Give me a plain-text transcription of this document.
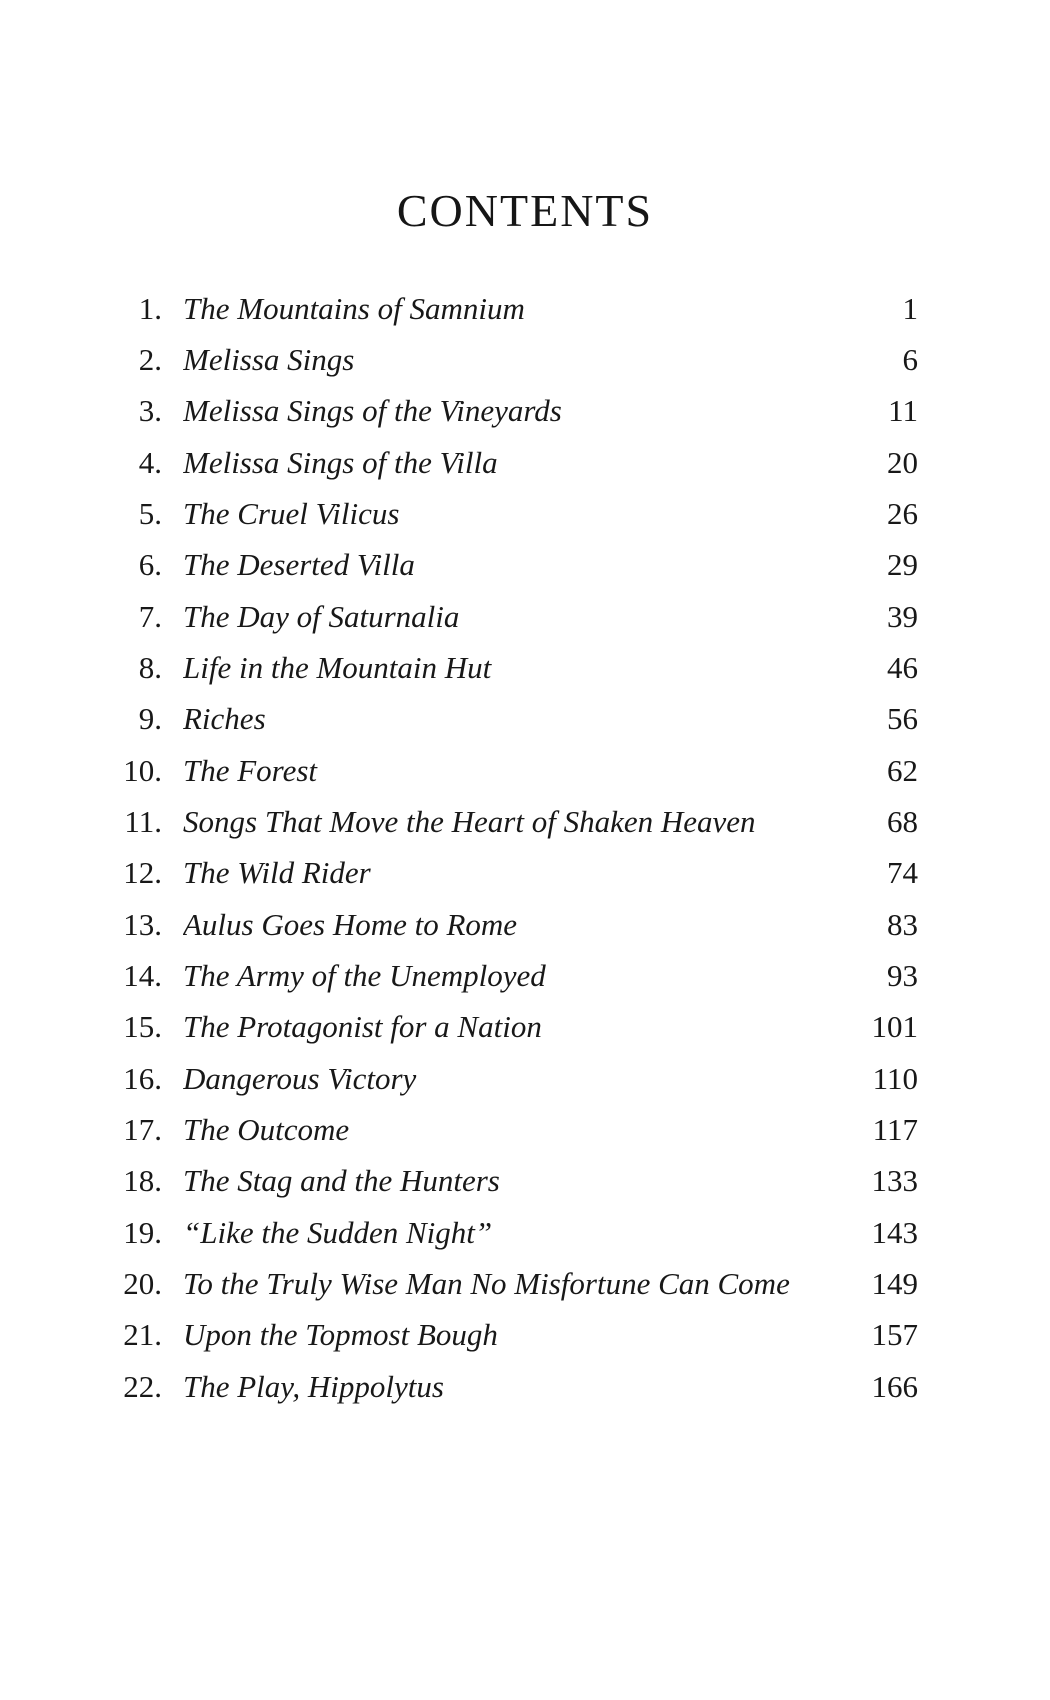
CONTENTS
1. The Mountains of Samnium	1
2. Melissa Sings	6
3. Melissa Sings of the Vineyards	11
4. Melissa Sings of the Villa	20
5. The Cruel Vilicus	26
6. The Deserted Villa	29
7. The Day of Saturnalia	39
8. Life in the Mountain Hut	46
9. Riches	56
10. The Forest	62
11. Songs That Move the Heart of Shaken Heaven	68
12. The Wild Rider	74
13. Aulus Goes Home to Rome	83
14. The Army of the Unemployed	93
15. The Protagonist for a Nation	101
16. Dangerous Victory	110
17. The Outcome	117
18. The Stag and the Hunters	133
19. “Like the Sudden Night”	143
20. To the Truly Wise Man No Misfortune Can Come	149
21. Upon the Topmost Bough	157
22. The Play, Hippolytus	166
